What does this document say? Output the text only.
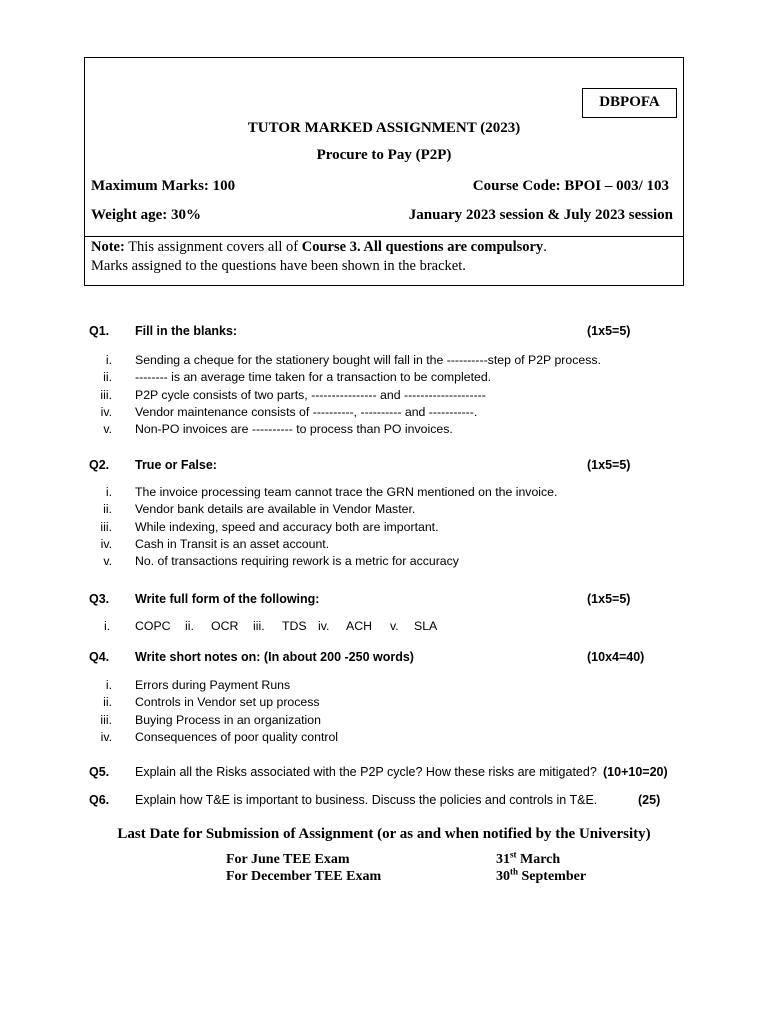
DBPOFA
TUTOR MARKED ASSIGNMENT (2023)
Procure to Pay (P2P)
Maximum Marks: 100	Course Code: BPOI – 003/ 103
Weight age: 30%	January 2023 session & July 2023 session
Note: This assignment covers all of Course 3. All questions are compulsory.
Marks assigned to the questions have been shown in the bracket.
Q1. Fill in the blanks:	(1x5=5)
i. Sending a cheque for the stationery bought will fall in the ----------step of P2P process.
ii. -------- is an average time taken for a transaction to be completed.
iii. P2P cycle consists of two parts, ---------------- and --------------------
iv. Vendor maintenance consists of ----------, ---------- and -----------.
v. Non-PO invoices are ---------- to process than PO invoices.
Q2. True or False:	(1x5=5)
i. The invoice processing team cannot trace the GRN mentioned on the invoice.
ii. Vendor bank details are available in Vendor Master.
iii. While indexing, speed and accuracy both are important.
iv. Cash in Transit is an asset account.
v. No. of transactions requiring rework is a metric for accuracy
Q3. Write full form of the following:	(1x5=5)
i. COPC ii. OCR iii. TDS iv. ACH v. SLA
Q4. Write short notes on: (In about 200 -250 words)	(10x4=40)
i. Errors during Payment Runs
ii. Controls in Vendor set up process
iii. Buying Process in an organization
iv. Consequences of poor quality control
Q5. Explain all the Risks associated with the P2P cycle? How these risks are mitigated? (10+10=20)
Q6. Explain how T&E is important to business. Discuss the policies and controls in T&E.	(25)
Last Date for Submission of Assignment (or as and when notified by the University)
For June TEE Exam	31st March
For December TEE Exam	30th September
